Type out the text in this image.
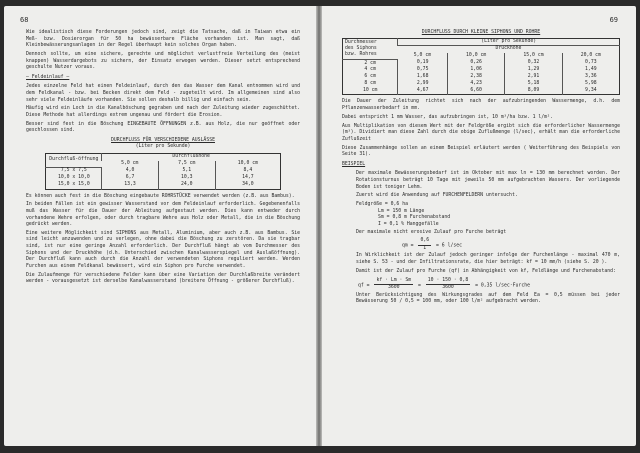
68

Wie idealistisch diese Forderungen jedoch sind, zeigt die Tatsache, daß in Taiwan etwa ein Meß- bzw. Dosierorgan für 50 ha bewässerbare Fläche vorhanden ist. Man sagt, daß Kleinbewässerungsanlagen in der Regel überhaupt kein solches Organ haben.

Dennoch sollte, um eine sichere, gerechte und möglichst verlustfreie Verteilung des (meist knappen) Wasserdargebots zu sichern, der Einsatz erwogen werden. Dieser setzt entsprechend geschulte Nutzer voraus.

— Feldeinlauf —

Jedes einzelne Feld hat einen Feldeinlauf, durch den das Wasser dem Kanal entnommen wird und dem Feldkanal - bzw. bei Becken direkt dem Feld - zugeteilt wird. Im allgemeinen sind also sehr viele Feldeinläufe vorhanden. Sie sollen deshalb billig und einfach sein.

Häufig wird ein Loch in die Kanalböschung gegraben und nach der Zuleitung wieder zugeschüttet. Diese Methode hat allerdings extrem ungenau und fördert die Erosion.

Besser sind fest in die Böschung EINGEBAUTE ÖFFNUNGEN z.B. aus Holz, die nur geöffnet oder geschlossen sind.

DURCHFLUSS FÜR VERSCHIEDENE AUSLÄSSE
(Liter pro Sekunde)
Durchfluß-öffnung	Durchflußhöhe		
	5,0 cm	7,5 cm	10,0 cm
7,5 x 7,5	4,0	5,1	8,4
10,0 x 10,0	6,7	10,3	14,7
15,0 x 15,0	13,3	24,0	34,0

Es können auch fest in die Böschung eingebaute ROHRSTÜCKE verwendet werden (z.B. aus Bambus).

In beiden Fällen ist ein gewisser Wasserstand vor dem Feldeinlauf erforderlich. Gegebenenfalls muß das Wasser für die Dauer der Ableitung aufgestaut werden. Dies kann entweder durch vorhandene Wehre erfolgen, oder durch tragbare Wehre aus Holz oder Metall, die in die Böschung gedrückt werden.

Eine weitere Möglichkeit sind SIPHONS aus Metall, Aluminium, aber auch z.B. aus Bambus. Sie sind leicht anzuwenden und zu verlegen, ohne dabei die Böschung zu zerstören. Da sie tragbar sind, ist nur eine geringe Anzahl erforderlich. Der Durchfluß hängt ab vom Durchmesser des Siphons und der Druckhöhe (d.h. Unterschied zwischen Kanalwasserspiegel und Auslaßöffnung). Der Durchfluß kann auch durch die Anzahl der verwendeten Siphons reguliert werden. Werden Furchen aus einem Feldkanal bewässert, wird ein Siphon pro Furche verwendet.

Die Zulaufmenge für verschiedene Felder kann über eine Variation der Durchlaßbreite verändert werden - vorausgesetzt ist derselbe Kanalwasserstand (breitere Öffnung - größerer Durchfluß).

69
DURCHFLUSS DURCH KLEINE SIPHONS UND ROHRE
Durchmesser
des Siphons
bzw. Rohres	(Liter pro Sekunde)			
	Druckhöhe			
	5,0 cm	10,0 cm	15,0 cm	20,0 cm
2 cm	0,19	0,26	0,32	0,73
4 cm	0,75	1,06	1,29	1,49
6 cm	1,68	2,38	2,91	3,36
8 cm	2,99	4,23	5,18	5,98
10 cm	4,67	6,60	8,09	9,34

Die Dauer der Zuleitung richtet sich nach der aufzubringenden Wassermenge, d.h. dem Pflanzenwasserbedarf in mm.

Dabei entspricht 1 mm Wasser, das aufzubringen ist, 10 m³/ha bzw. 1 l/m².

Aus Multiplikation von diesem Wert mit der Feldgröße ergibt sich die erforderlicher Wassermenge (m³). Dividiert man diese Zahl durch die obige Zuflußmenge (l/sec), erhält man die erforderliche Zuflußzeit

Diese Zusammenhänge sollen an einem Beispiel erläutert werden ( Weiterführung des Beispiels von Seite 31).

BEISPIEL

Der maximale Bewässerungsbedarf ist im Oktober mit max ln = 130 mm berechnet worden. Der Rotationsturnus beträgt 10 Tage mit jeweils 50 mm aufgebrachten Wassers. Der vorliegende Boden ist toniger Lehm.

Zuerst wird die Anwendung auf FURCHENFELDERN untersucht.

Feldgröße = 0,6 ha
Lm = 150 m Länge
Sm = 0,8 m Furchenabstand
I = 0,1 % Hanggefälle

Der maximale nicht erosive Zulauf pro Furche beträgt

qm = $\frac{0,6}{I} = 6$ l/sec

In Wirklichkeit ist der Zulauf jedoch geringer infolge der Furchenlänge - maximal 470 m, siehe S. 53 - und der Infiltrationsrate, die hier beträgt: kf = 10 mm/h (siehe S. 20 ).

Damit ist der Zulauf pro Furche (qf) in Abhängigkeit von kf, Feldlänge und Furchenabstand:

qf = $\frac{kf \cdot Lm \cdot Sm}{3600} = \frac{10 \cdot 150 \cdot 0,8}{3600} = 0,35$ l/sec·Furche

Unter Berücksichtigung des Wirkungsgrades auf dem Feld Ea = 0,5 müssen bei jeder Bewässerung 50 / 0,5 = 100 mm, oder 100 l/m² aufgebracht werden.
